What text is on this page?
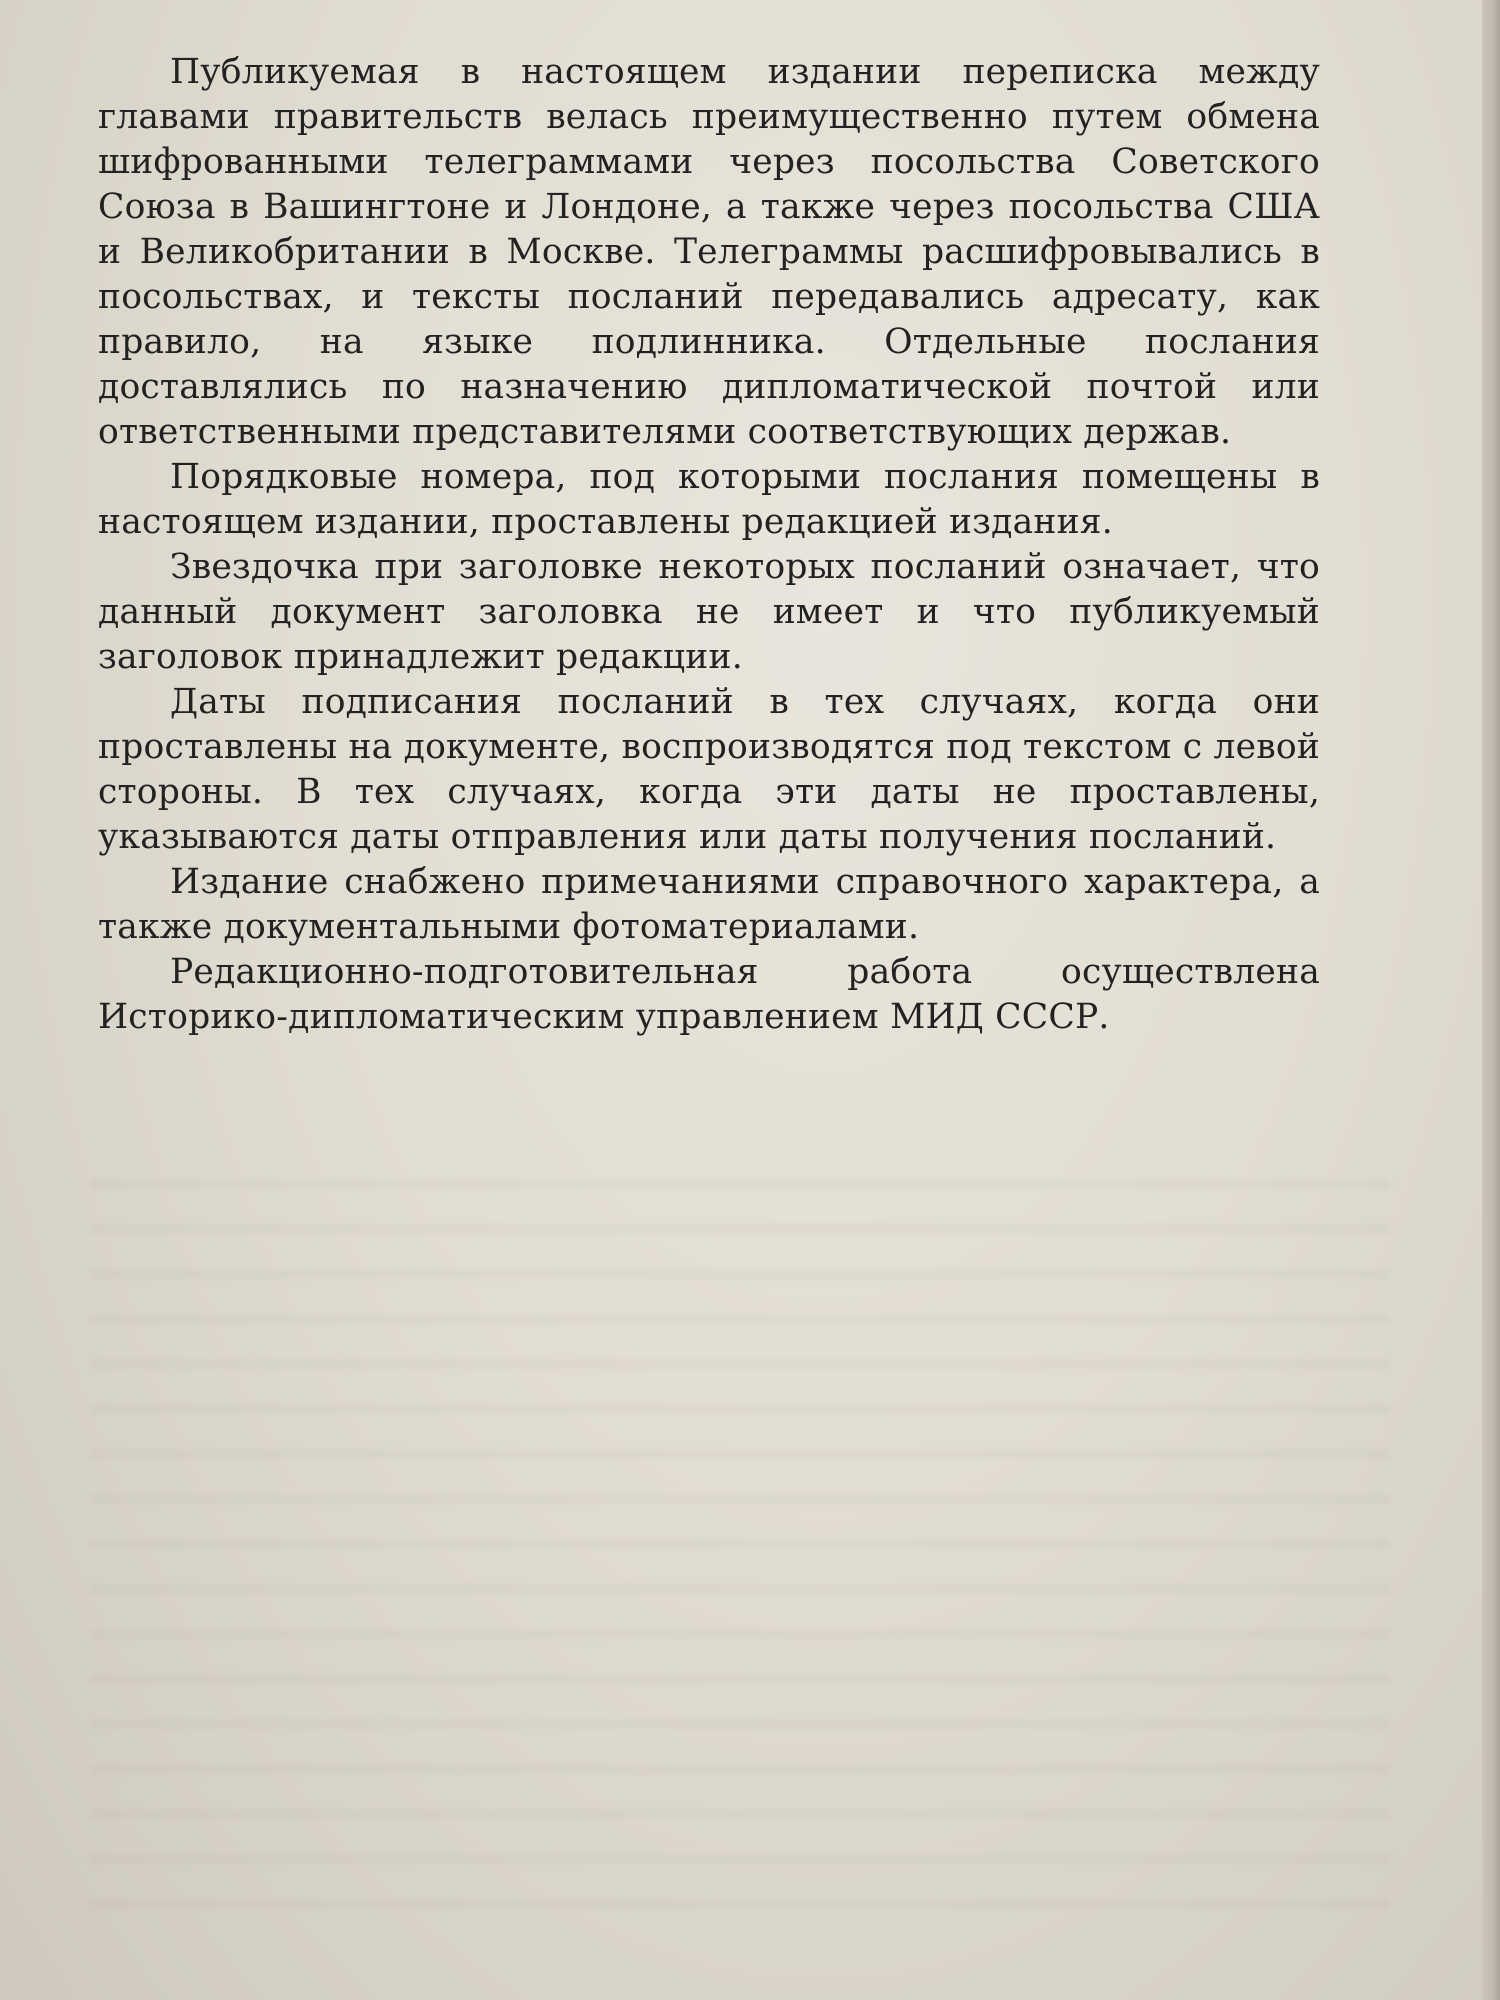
Публикуемая в настоящем издании переписка между главами правительств велась преимущественно путем обмена шифрованными телеграммами через посольства Советского Союза в Вашингтоне и Лондоне, а также через посольства США и Великобритании в Москве. Телеграммы расшифровывались в посольствах, и тексты посланий передавались адресату, как правило, на языке подлинника. Отдельные послания доставлялись по назначению дипломатической почтой или ответственными представителями соответствующих держав.

Порядковые номера, под которыми послания помещены в настоящем издании, проставлены редакцией издания.

Звездочка при заголовке некоторых посланий означает, что данный документ заголовка не имеет и что публикуемый заголовок принадлежит редакции.

Даты подписания посланий в тех случаях, когда они проставлены на документе, воспроизводятся под текстом с левой стороны. В тех случаях, когда эти даты не проставлены, указываются даты отправления или даты получения посланий.

Издание снабжено примечаниями справочного характера, а также документальными фотоматериалами.

Редакционно-подготовительная работа осуществлена Историко-дипломатическим управлением МИД СССР.
